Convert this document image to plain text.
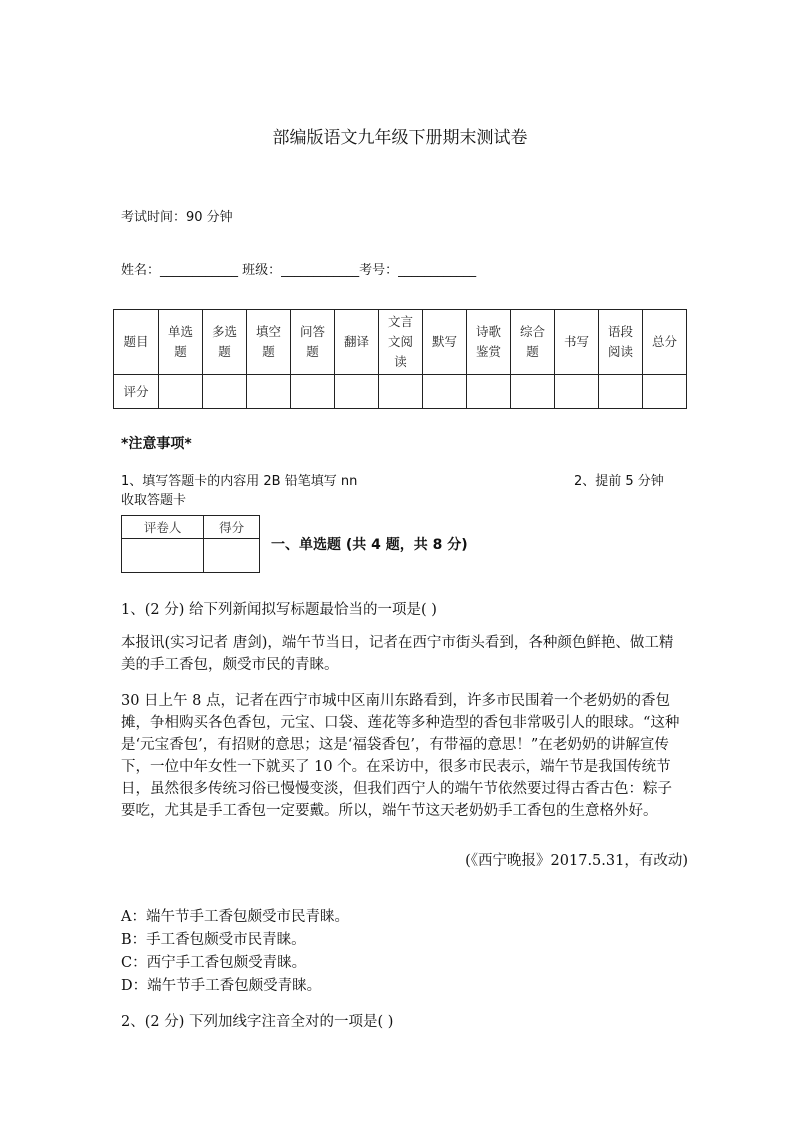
部编版语文九年级下册期末测试卷
考试时间：90 分钟
姓名：____________ 班级：____________考号：____________
题目	单选题	多选题	填空题	问答题	翻译	文言文阅读	默写	诗歌鉴赏	综合题	书写	语段阅读	总分
评分												
*注意事项*
1、填写答题卡的内容用 2B 铅笔填写 nn	2、提前 5 分钟
收取答题卡
评卷人	得分

一、单选题 (共 4 题，共 8 分)
1、(2 分) 给下列新闻拟写标题最恰当的一项是( )
本报讯(实习记者 唐剑)，端午节当日，记者在西宁市街头看到，各种颜色鲜艳、做工精美的手工香包，颇受市民的青睐。
30 日上午 8 点，记者在西宁市城中区南川东路看到，许多市民围着一个老奶奶的香包摊，争相购买各色香包，元宝、口袋、莲花等多种造型的香包非常吸引人的眼球。“这种是‘元宝香包’，有招财的意思；这是‘福袋香包’，有带福的意思！”在老奶奶的讲解宣传下，一位中年女性一下就买了 10 个。在采访中，很多市民表示，端午节是我国传统节日，虽然很多传统习俗已慢慢变淡，但我们西宁人的端午节依然要过得古香古色：粽子要吃，尤其是手工香包一定要戴。所以，端午节这天老奶奶手工香包的生意格外好。
(《西宁晚报》2017.5.31，有改动)
A：端午节手工香包颇受市民青睐。
B：手工香包颇受市民青睐。
C：西宁手工香包颇受青睐。
D：端午节手工香包颇受青睐。
2、(2 分) 下列加线字注音全对的一项是( )
